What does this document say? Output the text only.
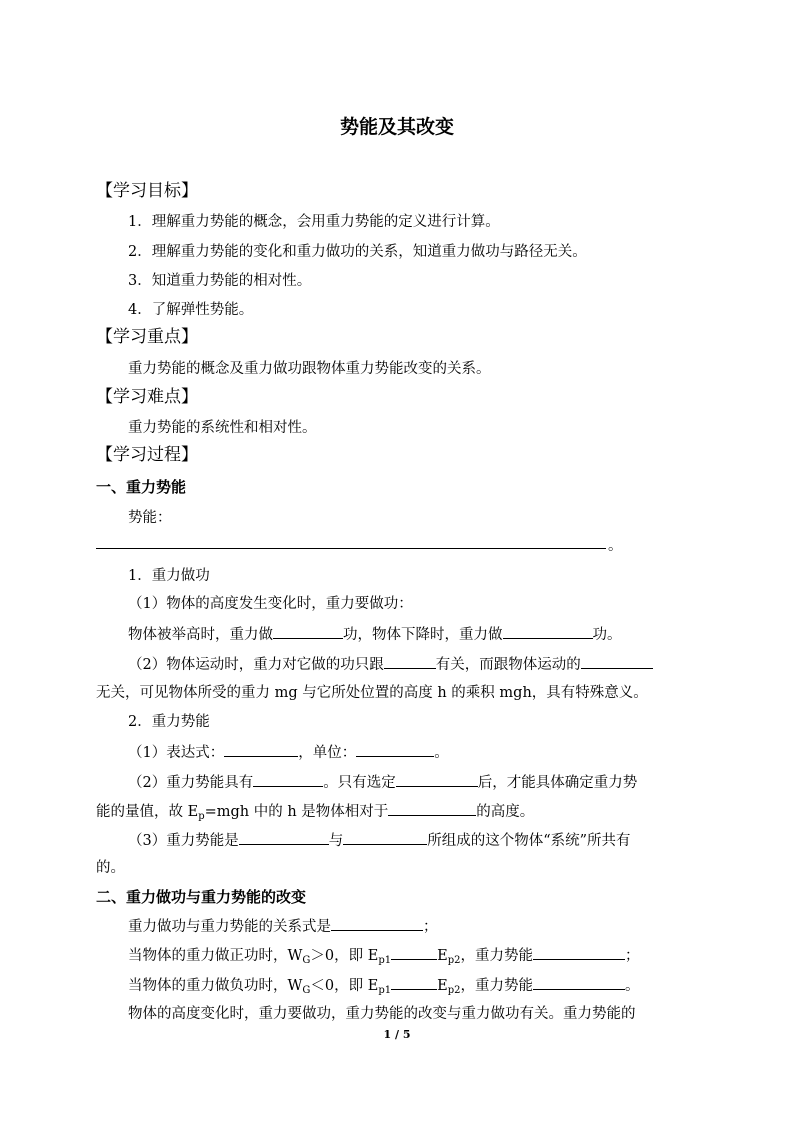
势能及其改变
【学习目标】
1．理解重力势能的概念，会用重力势能的定义进行计算。
2．理解重力势能的变化和重力做功的关系，知道重力做功与路径无关。
3．知道重力势能的相对性。
4．了解弹性势能。
【学习重点】
重力势能的概念及重力做功跟物体重力势能改变的关系。
【学习难点】
重力势能的系统性和相对性。
【学习过程】
一、重力势能
势能：
。
1．重力做功
（1）物体的高度发生变化时，重力要做功：
物体被举高时，重力做	功，物体下降时，重力做	功。
（2）物体运动时，重力对它做的功只跟	有关，而跟物体运动的
无关，可见物体所受的重力 mg 与它所处位置的高度 h 的乘积 mgh，具有特殊意义。
2．重力势能
（1）表达式：	，单位：	。
（2）重力势能具有	。只有选定	后，才能具体确定重力势
能的量值，故 $E_p=mgh$ 中的 h 是物体相对于	的高度。
（3）重力势能是	与	所组成的这个物体“系统”所共有
的。
二、重力做功与重力势能的改变
重力做功与重力势能的关系式是	；
当物体的重力做正功时，$W_G>0$，即 $E_{p1}$	$E_{p2}$，重力势能	；
当物体的重力做负功时，$W_G<0$，即 $E_{p1}$	$E_{p2}$，重力势能	。
物体的高度变化时，重力要做功，重力势能的改变与重力做功有关。重力势能的
1 / 5
